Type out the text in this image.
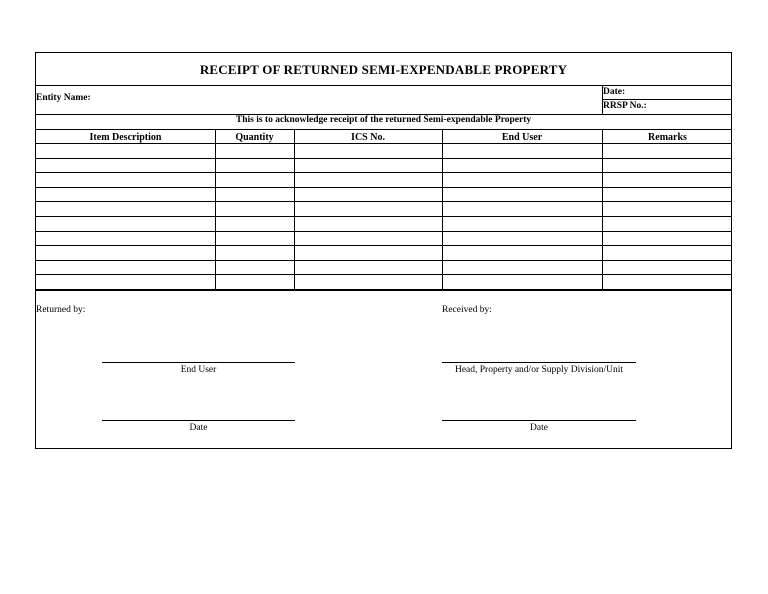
RECEIPT OF RETURNED SEMI-EXPENDABLE PROPERTY
Entity Name:
Date:
RRSP No.:
This is to acknowledge receipt of the returned Semi-expendable Property
Item Description	Quantity	ICS No.	End User	Remarks
Returned by:	Received by:
End User	Head, Property and/or Supply Division/Unit
Date	Date
